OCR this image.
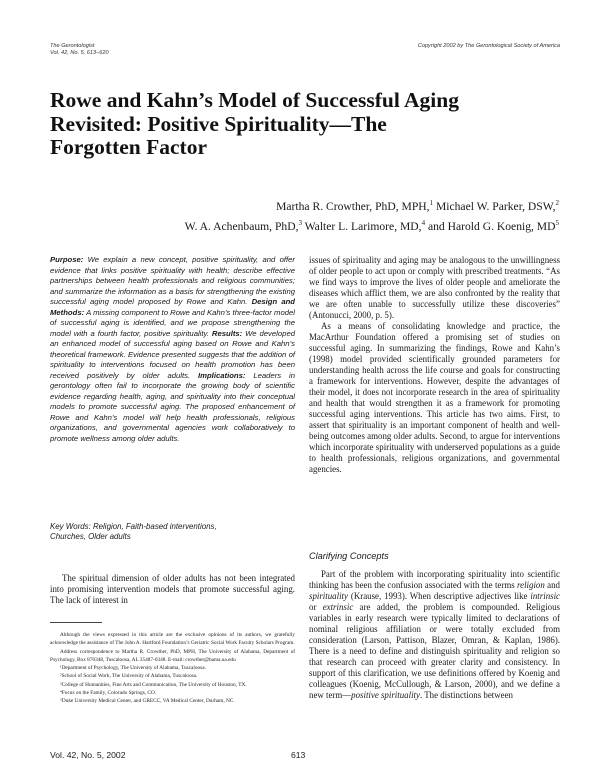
The Gerontologist
Vol. 42, No. 5, 613–620
Copyright 2002 by The Gerontological Society of America
Rowe and Kahn’s Model of Successful Aging
Revisited: Positive Spirituality—The
Forgotten Factor
Martha R. Crowther, PhD, MPH,$^1$ Michael W. Parker, DSW,$^2$
W. A. Achenbaum, PhD,$^3$ Walter L. Larimore, MD,$^4$ and Harold G. Koenig, $MD^5$
Purpose: We explain a new concept, positive spirituality, and offer evidence that links positive spirituality with health; describe effective partnerships between health professionals and religious communities; and summarize the information as a basis for strengthening the existing successful aging model proposed by Rowe and Kahn. Design and Methods: A missing component to Rowe and Kahn’s three-factor model of successful aging is identified, and we propose strengthening the model with a fourth factor, positive spirituality. Results: We developed an enhanced model of successful aging based on Rowe and Kahn’s theoretical framework. Evidence presented suggests that the addition of spirituality to interventions focused on health promotion has been received positively by older adults. Implications: Leaders in gerontology often fail to incorporate the growing body of scientific evidence regarding health, aging, and spirituality into their conceptual models to promote successful aging. The proposed enhancement of Rowe and Kahn’s model will help health professionals, religious organizations, and governmental agencies work collaboratively to promote wellness among older adults.
Key Words: Religion, Faith-based interventions,
Churches, Older adults

The spiritual dimension of older adults has not been integrated into promising intervention models that promote successful aging. The lack of interest in

Although the views expressed in this article are the exclusive opinions of its authors, we gratefully acknowledge the assistance of The John A. Hartford Foundation’s Geriatric Social Work Faculty Scholars Program.

Address correspondence to Martha R. Crowther, PhD, MPH, The University of Alabama, Department of Psychology, Box 870348, Tuscaloosa, AL 35487-0348. E-mail: crowther@bama.ua.edu

¹Department of Psychology, The University of Alabama, Tuscaloosa.

²School of Social Work, The University of Alabama, Tuscaloosa.

³College of Humanities, Fine Arts and Communication, The University of Houston, TX.

⁴Focus on the Family, Colorado Springs, CO.

⁵Duke University Medical Center, and GRECC, VA Medical Center, Durham, NC.

issues of spirituality and aging may be analogous to the unwillingness of older people to act upon or comply with prescribed treatments. “As we find ways to improve the lives of older people and ameliorate the diseases which afflict them, we are also confronted by the reality that we are often unable to successfully utilize these discoveries” (Antonucci, 2000, p. 5).

As a means of consolidating knowledge and practice, the MacArthur Foundation offered a promising set of studies on successful aging. In summarizing the findings, Rowe and Kahn’s (1998) model provided scientifically grounded parameters for understanding health across the life course and goals for constructing a framework for interventions. However, despite the advantages of their model, it does not incorporate research in the area of spirituality and health that would strengthen it as a framework for promoting successful aging interventions. This article has two aims. First, to assert that spirituality is an important component of health and well-being outcomes among older adults. Second, to argue for interventions which incorporate spirituality with underserved populations as a guide to health professionals, religious organizations, and governmental agencies.

Clarifying Concepts

Part of the problem with incorporating spirituality into scientific thinking has been the confusion associated with the terms religion and spirituality (Krause, 1993). When descriptive adjectives like intrinsic or extrinsic are added, the problem is compounded. Religious variables in early research were typically limited to declarations of nominal religious affiliation or were totally excluded from consideration (Larson, Pattison, Blazer, Omran, & Kaplan, 1986). There is a need to define and distinguish spirituality and religion so that research can proceed with greater clarity and consistency. In support of this clarification, we use definitions offered by Koenig and colleagues (Koenig, McCullough, & Larson, 2000), and we define a new term—positive spirituality. The distinctions between

Vol. 42, No. 5, 2002	613
